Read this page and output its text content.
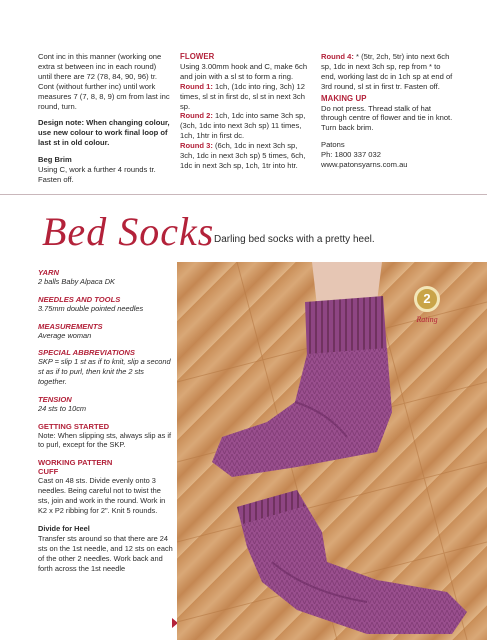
Cont inc in this manner (working one extra st between inc in each round) until there are 72 (78, 84, 90, 96) tr. Cont (without further inc) until work measures 7 (7, 8, 8, 9) cm from last inc round, turn.

Design note: When changing colour, use new colour to work final loop of last st in old colour.

Beg Brim

Using C, work a further 4 rounds tr. Fasten off.

FLOWER

Using 3.00mm hook and C, make 6ch and join with a sl st to form a ring.

Round 1: 1ch, (1dc into ring, 3ch) 12 times, sl st in first dc, sl st in next 3ch sp.
Round 2: 1ch, 1dc into same 3ch sp, (3ch, 1dc into next 3ch sp) 11 times, 1ch, 1htr in first dc.
Round 3: (6ch, 1dc in next 3ch sp, 3ch, 1dc in next 3ch sp) 5 times, 6ch, 1dc in next 3ch sp, 1ch, 1tr into htr.

Round 4: * (5tr, 2ch, 5tr) into next 6ch sp, 1dc in next 3ch sp, rep from * to end, working last dc in 1ch sp at end of 3rd round, sl st in first tr. Fasten off.

MAKING UP

Do not press. Thread stalk of hat through centre of flower and tie in knot. Turn back brim.

Patons
Ph: 1800 337 032
www.patonsyarns.com.au
Bed Socks Darling bed socks with a pretty heel.
YARN
2 balls Baby Alpaca DK
NEEDLES AND TOOLS
3.75mm double pointed needles
MEASUREMENTS
Average woman
SPECIAL ABBREVIATIONS
SKP = slip 1 st as if to knit, slip a second st as if to purl, then knit the 2 sts together.
TENSION
24 sts to 10cm
GETTING STARTED
Note: When slipping sts, always slip as if to purl, except for the SKP.
WORKING PATTERN
CUFF
Cast on 48 sts. Divide evenly onto 3 needles. Being careful not to twist the sts, join and work in the round. Work in K2 x P2 ribbing for 2". Knit 5 rounds.
Divide for Heel
Transfer sts around so that there are 24 sts on the 1st needle, and 12 sts on each of the other 2 needles. Work back and forth across the 1st needle
2
Rating
